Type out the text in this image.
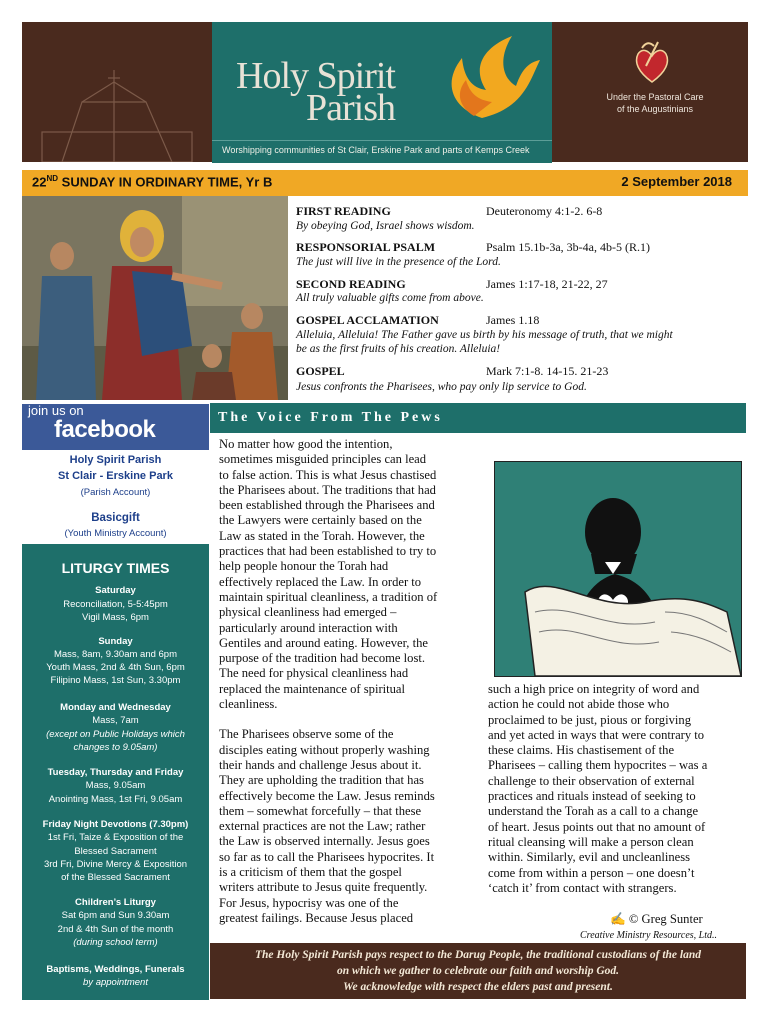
Holy Spirit
Parish
Worshipping communities of St Clair, Erskine Park and parts of Kemps Creek
Under the Pastoral Care
of the Augustinians
22ND SUNDAY IN ORDINARY TIME, Yr B	2 September 2018
FIRST READING	Deuteronomy 4:1-2. 6-8
By obeying God, Israel shows wisdom.
RESPONSORIAL PSALM	Psalm 15.1b-3a, 3b-4a, 4b-5 (R.1)
The just will live in the presence of the Lord.
SECOND READING	James 1:17-18, 21-22, 27
All truly valuable gifts come from above.
GOSPEL ACCLAMATION	James 1.18
Alleluia, Alleluia! The Father gave us birth by his message of truth, that we might
be as the first fruits of his creation. Alleluia!
GOSPEL	Mark 7:1-8. 14-15. 21-23
Jesus confronts the Pharisees, who pay only lip service to God.
join us on
facebook
Holy Spirit Parish
St Clair - Erskine Park
(Parish Account)
Basicgift
(Youth Ministry Account)
LITURGY TIMES
Saturday
Reconciliation, 5-5:45pm
Vigil Mass, 6pm
Sunday
Mass, 8am, 9.30am and 6pm
Youth Mass, 2nd & 4th Sun, 6pm
Filipino Mass, 1st Sun, 3.30pm
Monday and Wednesday
Mass, 7am
(except on Public Holidays which
changes to 9.05am)
Tuesday, Thursday and Friday
Mass, 9.05am
Anointing Mass, 1st Fri, 9.05am
Friday Night Devotions (7.30pm)
1st Fri, Taize & Exposition of the
Blessed Sacrament
3rd Fri, Divine Mercy & Exposition
of the Blessed Sacrament
Children’s Liturgy
Sat 6pm and Sun 9.30am
2nd & 4th Sun of the month
(during school term)
Baptisms, Weddings, Funerals
by appointment
The Voice From The Pews
No matter how good the intention,
sometimes misguided principles can lead
to false action. This is what Jesus chastised
the Pharisees about. The traditions that had
been established through the Pharisees and
the Lawyers were certainly based on the
Law as stated in the Torah. However, the
practices that had been established to try to
help people honour the Torah had
effectively replaced the Law. In order to
maintain spiritual cleanliness, a tradition of
physical cleanliness had emerged –
particularly around interaction with
Gentiles and around eating. However, the
purpose of the tradition had become lost.
The need for physical cleanliness had
replaced the maintenance of spiritual
cleanliness.
The Pharisees observe some of the
disciples eating without properly washing
their hands and challenge Jesus about it.
They are upholding the tradition that has
effectively become the Law. Jesus reminds
them – somewhat forcefully – that these
external practices are not the Law; rather
the Law is observed internally. Jesus goes
so far as to call the Pharisees hypocrites. It
is a criticism of them that the gospel
writers attribute to Jesus quite frequently.
For Jesus, hypocrisy was one of the
greatest failings. Because Jesus placed
such a high price on integrity of word and
action he could not abide those who
proclaimed to be just, pious or forgiving
and yet acted in ways that were contrary to
these claims. His chastisement of the
Pharisees – calling them hypocrites – was a
challenge to their observation of external
practices and rituals instead of seeking to
understand the Torah as a call to a change
of heart. Jesus points out that no amount of
ritual cleansing will make a person clean
within. Similarly, evil and uncleanliness
come from within a person – one doesn’t
‘catch it’ from contact with strangers.
✍ © Greg Sunter
Creative Ministry Resources, Ltd..
The Holy Spirit Parish pays respect to the Darug People, the traditional custodians of the land
on which we gather to celebrate our faith and worship God.
We acknowledge with respect the elders past and present.
